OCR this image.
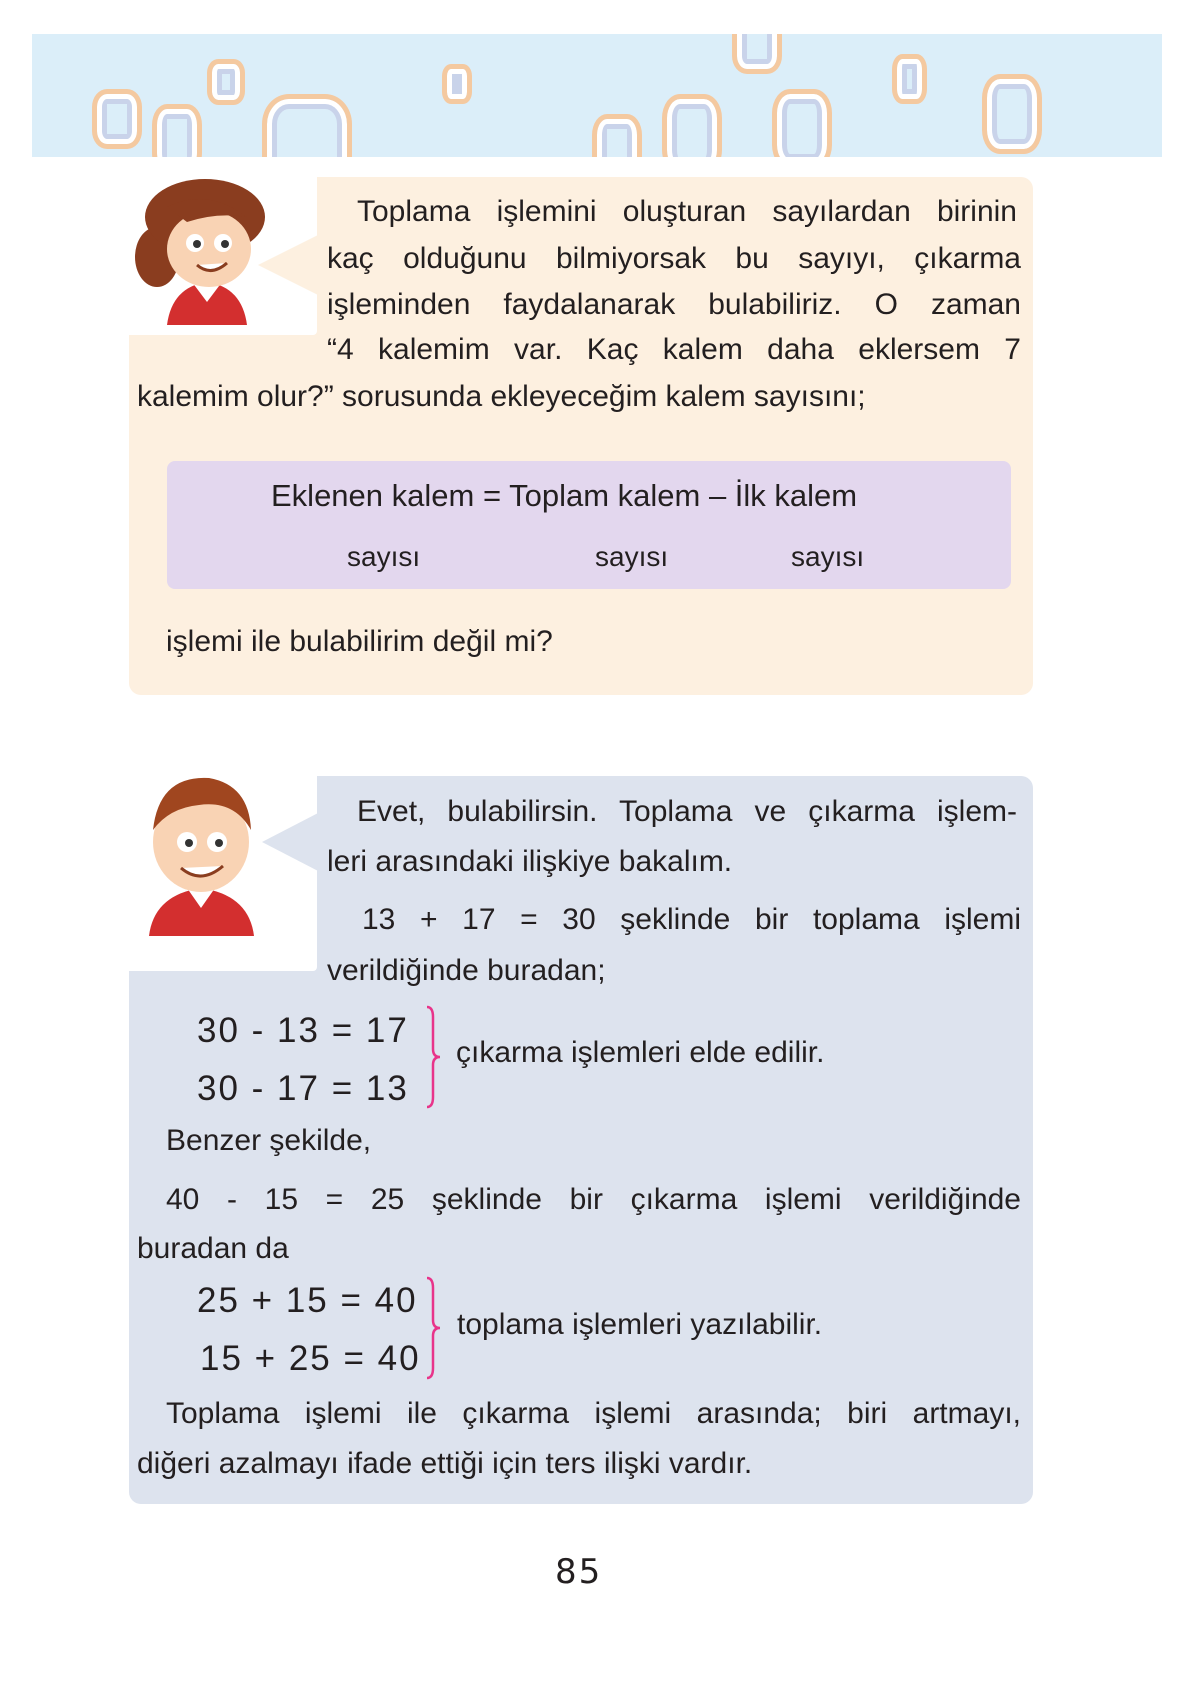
Toplama işlemini oluşturan sayılardan birinin
kaç olduğunu bilmiyorsak bu sayıyı, çıkarma
işleminden faydalanarak bulabiliriz. O zaman
“4 kalemim var. Kaç kalem daha eklersem 7
kalemim olur?” sorusunda ekleyeceğim kalem sayısını;
Eklenen kalem = Toplam kalem – İlk kalem
sayısı	sayısı	sayısı
işlemi ile bulabilirim değil mi?
Evet, bulabilirsin. Toplama ve çıkarma işlem-
leri arasındaki ilişkiye bakalım.
13 + 17 = 30 şeklinde bir toplama işlemi
verildiğinde buradan;
30 - 13 = 17
30 - 17 = 13
çıkarma işlemleri elde edilir.
Benzer şekilde,
40 - 15 = 25 şeklinde bir çıkarma işlemi verildiğinde
buradan da
25 + 15 = 40
15 + 25 = 40
toplama işlemleri yazılabilir.
Toplama işlemi ile çıkarma işlemi arasında; biri artmayı,
diğeri azalmayı ifade ettiği için ters ilişki vardır.
85
